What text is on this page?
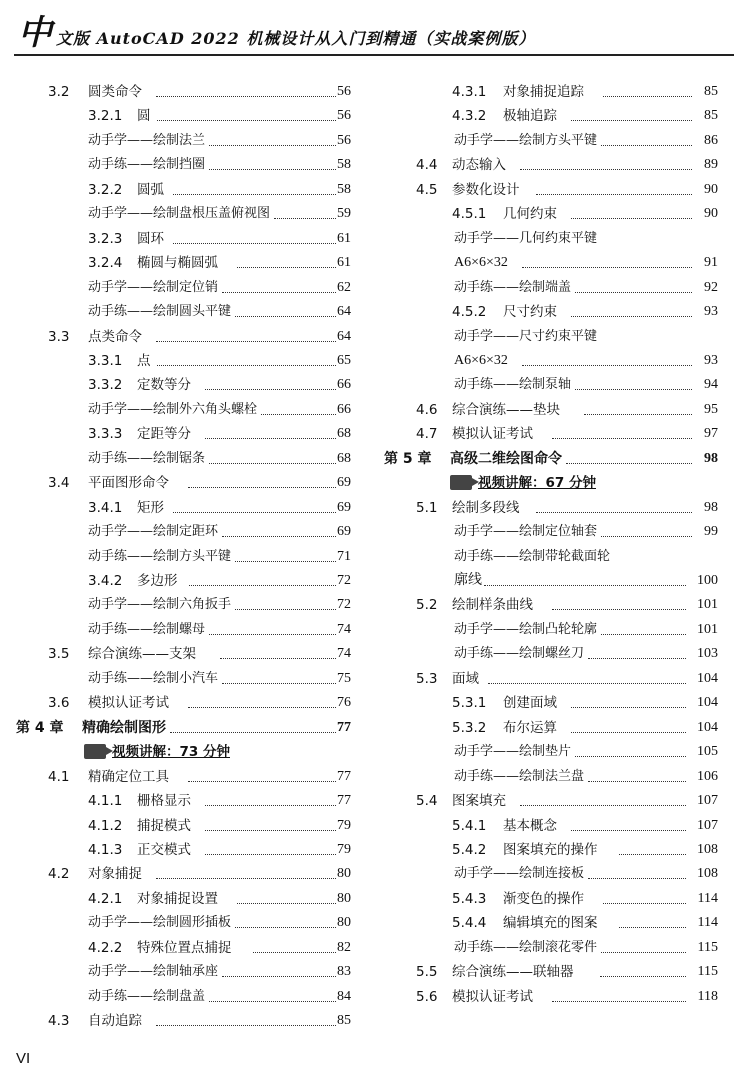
中 文版 AutoCAD 2022 机械设计从入门到精通（实战案例版）
3.2 圆类命令	56
3.2.1 圆	56
动手学——绘制法兰	56
动手练——绘制挡圈	58
3.2.2 圆弧	58
动手学——绘制盘根压盖俯视图	59
3.2.3 圆环	61
3.2.4 椭圆与椭圆弧	61
动手学——绘制定位销	62
动手练——绘制圆头平键	64
3.3 点类命令	64
3.3.1 点	65
3.3.2 定数等分	66
动手学——绘制外六角头螺栓	66
3.3.3 定距等分	68
动手练——绘制锯条	68
3.4 平面图形命令	69
3.4.1 矩形	69
动手学——绘制定距环	69
动手练——绘制方头平键	71
3.4.2 多边形	72
动手学——绘制六角扳手	72
动手练——绘制螺母	74
3.5 综合演练——支架	74
动手练——绘制小汽车	75
3.6 模拟认证考试	76
第 4 章 精确绘制图形	77
视频讲解：73 分钟
4.1 精确定位工具	77
4.1.1 栅格显示	77
4.1.2 捕捉模式	79
4.1.3 正交模式	79
4.2 对象捕捉	80
4.2.1 对象捕捉设置	80
动手学——绘制圆形插板	80
4.2.2 特殊位置点捕捉	82
动手学——绘制轴承座	83
动手练——绘制盘盖	84
4.3 自动追踪	85
4.3.1 对象捕捉追踪	85
4.3.2 极轴追踪	85
动手学——绘制方头平键	86
4.4 动态输入	89
4.5 参数化设计	90
4.5.1 几何约束	90
动手学——几何约束平键
A6×6×32	91
动手练——绘制端盖	92
4.5.2 尺寸约束	93
动手学——尺寸约束平键
A6×6×32	93
动手练——绘制泵轴	94
4.6 综合演练——垫块	95
4.7 模拟认证考试	97
第 5 章 高级二维绘图命令	98
视频讲解：67 分钟
5.1 绘制多段线	98
动手学——绘制定位轴套	99
动手练——绘制带轮截面轮
廓线	100
5.2 绘制样条曲线	101
动手学——绘制凸轮轮廓	101
动手练——绘制螺丝刀	103
5.3 面域	104
5.3.1 创建面域	104
5.3.2 布尔运算	104
动手学——绘制垫片	105
动手练——绘制法兰盘	106
5.4 图案填充	107
5.4.1 基本概念	107
5.4.2 图案填充的操作	108
动手学——绘制连接板	108
5.4.3 渐变色的操作	114
5.4.4 编辑填充的图案	114
动手练——绘制滚花零件	115
5.5 综合演练——联轴器	115
5.6 模拟认证考试	118
VI
